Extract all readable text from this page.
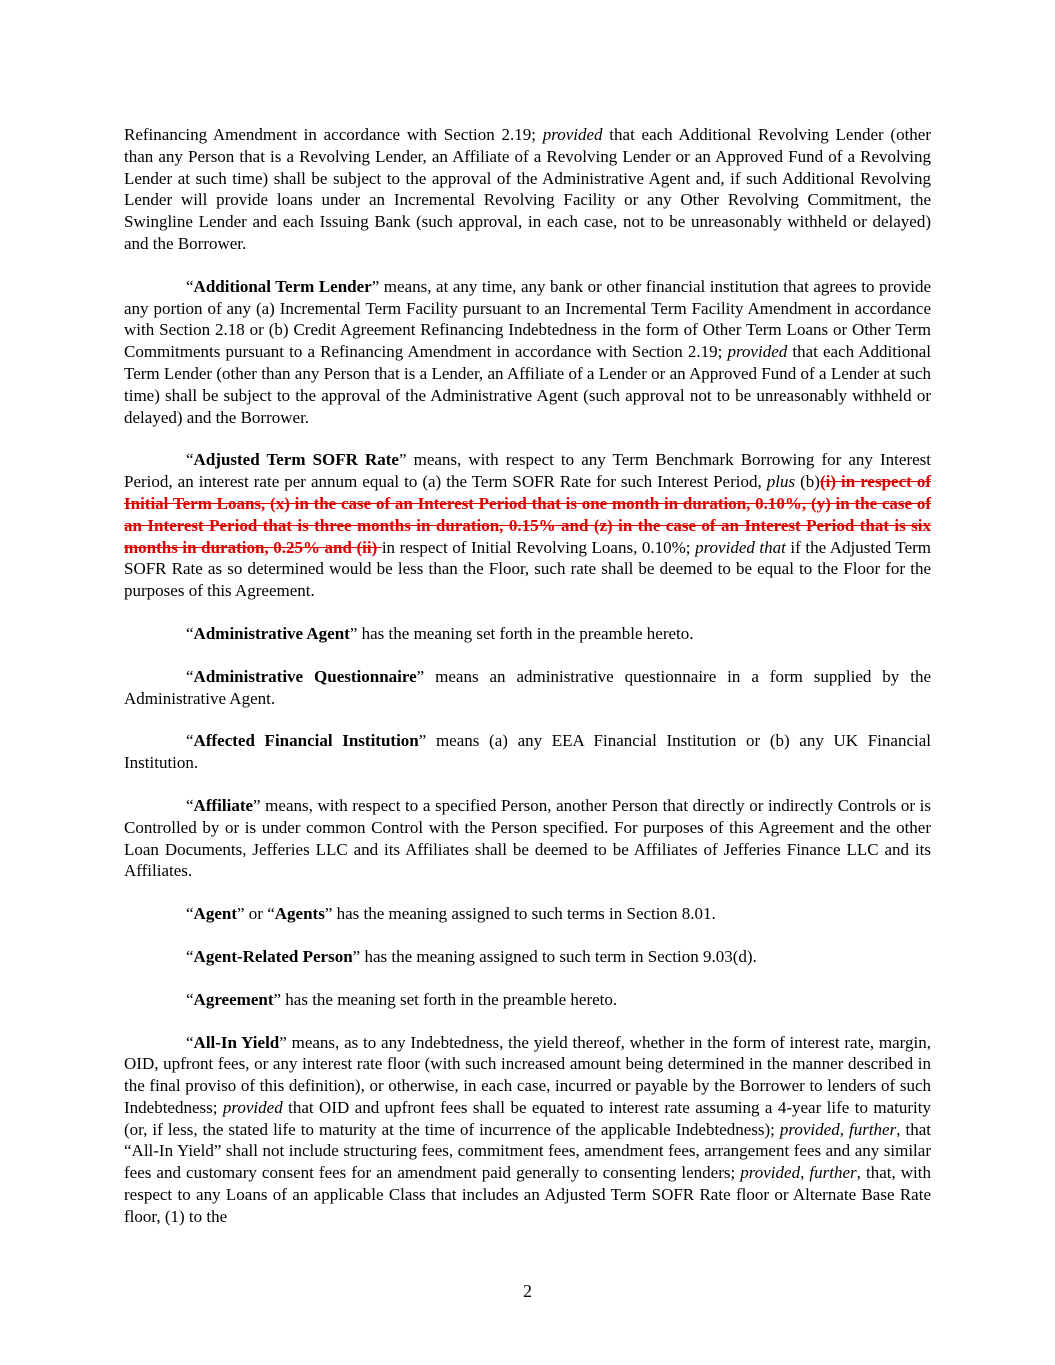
Refinancing Amendment in accordance with Section 2.19; provided that each Additional Revolving Lender (other than any Person that is a Revolving Lender, an Affiliate of a Revolving Lender or an Approved Fund of a Revolving Lender at such time) shall be subject to the approval of the Administrative Agent and, if such Additional Revolving Lender will provide loans under an Incremental Revolving Facility or any Other Revolving Commitment, the Swingline Lender and each Issuing Bank (such approval, in each case, not to be unreasonably withheld or delayed) and the Borrower.

“Additional Term Lender” means, at any time, any bank or other financial institution that agrees to provide any portion of any (a) Incremental Term Facility pursuant to an Incremental Term Facility Amendment in accordance with Section 2.18 or (b) Credit Agreement Refinancing Indebtedness in the form of Other Term Loans or Other Term Commitments pursuant to a Refinancing Amendment in accordance with Section 2.19; provided that each Additional Term Lender (other than any Person that is a Lender, an Affiliate of a Lender or an Approved Fund of a Lender at such time) shall be subject to the approval of the Administrative Agent (such approval not to be unreasonably withheld or delayed) and the Borrower.

“Adjusted Term SOFR Rate” means, with respect to any Term Benchmark Borrowing for any Interest Period, an interest rate per annum equal to (a) the Term SOFR Rate for such Interest Period, plus (b)(i) in respect of Initial Term Loans, (x) in the case of an Interest Period that is one month in duration, 0.10%, (y) in the case of an Interest Period that is three months in duration, 0.15% and (z) in the case of an Interest Period that is six months in duration, 0.25% and (ii) in respect of Initial Revolving Loans, 0.10%; provided that if the Adjusted Term SOFR Rate as so determined would be less than the Floor, such rate shall be deemed to be equal to the Floor for the purposes of this Agreement.

“Administrative Agent” has the meaning set forth in the preamble hereto.

“Administrative Questionnaire” means an administrative questionnaire in a form supplied by the Administrative Agent.

“Affected Financial Institution” means (a) any EEA Financial Institution or (b) any UK Financial Institution.

“Affiliate” means, with respect to a specified Person, another Person that directly or indirectly Controls or is Controlled by or is under common Control with the Person specified. For purposes of this Agreement and the other Loan Documents, Jefferies LLC and its Affiliates shall be deemed to be Affiliates of Jefferies Finance LLC and its Affiliates.

“Agent” or “Agents” has the meaning assigned to such terms in Section 8.01.

“Agent-Related Person” has the meaning assigned to such term in Section 9.03(d).

“Agreement” has the meaning set forth in the preamble hereto.

“All-In Yield” means, as to any Indebtedness, the yield thereof, whether in the form of interest rate, margin, OID, upfront fees, or any interest rate floor (with such increased amount being determined in the manner described in the final proviso of this definition), or otherwise, in each case, incurred or payable by the Borrower to lenders of such Indebtedness; provided that OID and upfront fees shall be equated to interest rate assuming a 4-year life to maturity (or, if less, the stated life to maturity at the time of incurrence of the applicable Indebtedness); provided, further, that “All-In Yield” shall not include structuring fees, commitment fees, amendment fees, arrangement fees and any similar fees and customary consent fees for an amendment paid generally to consenting lenders; provided, further, that, with respect to any Loans of an applicable Class that includes an Adjusted Term SOFR Rate floor or Alternate Base Rate floor, (1) to the

2
